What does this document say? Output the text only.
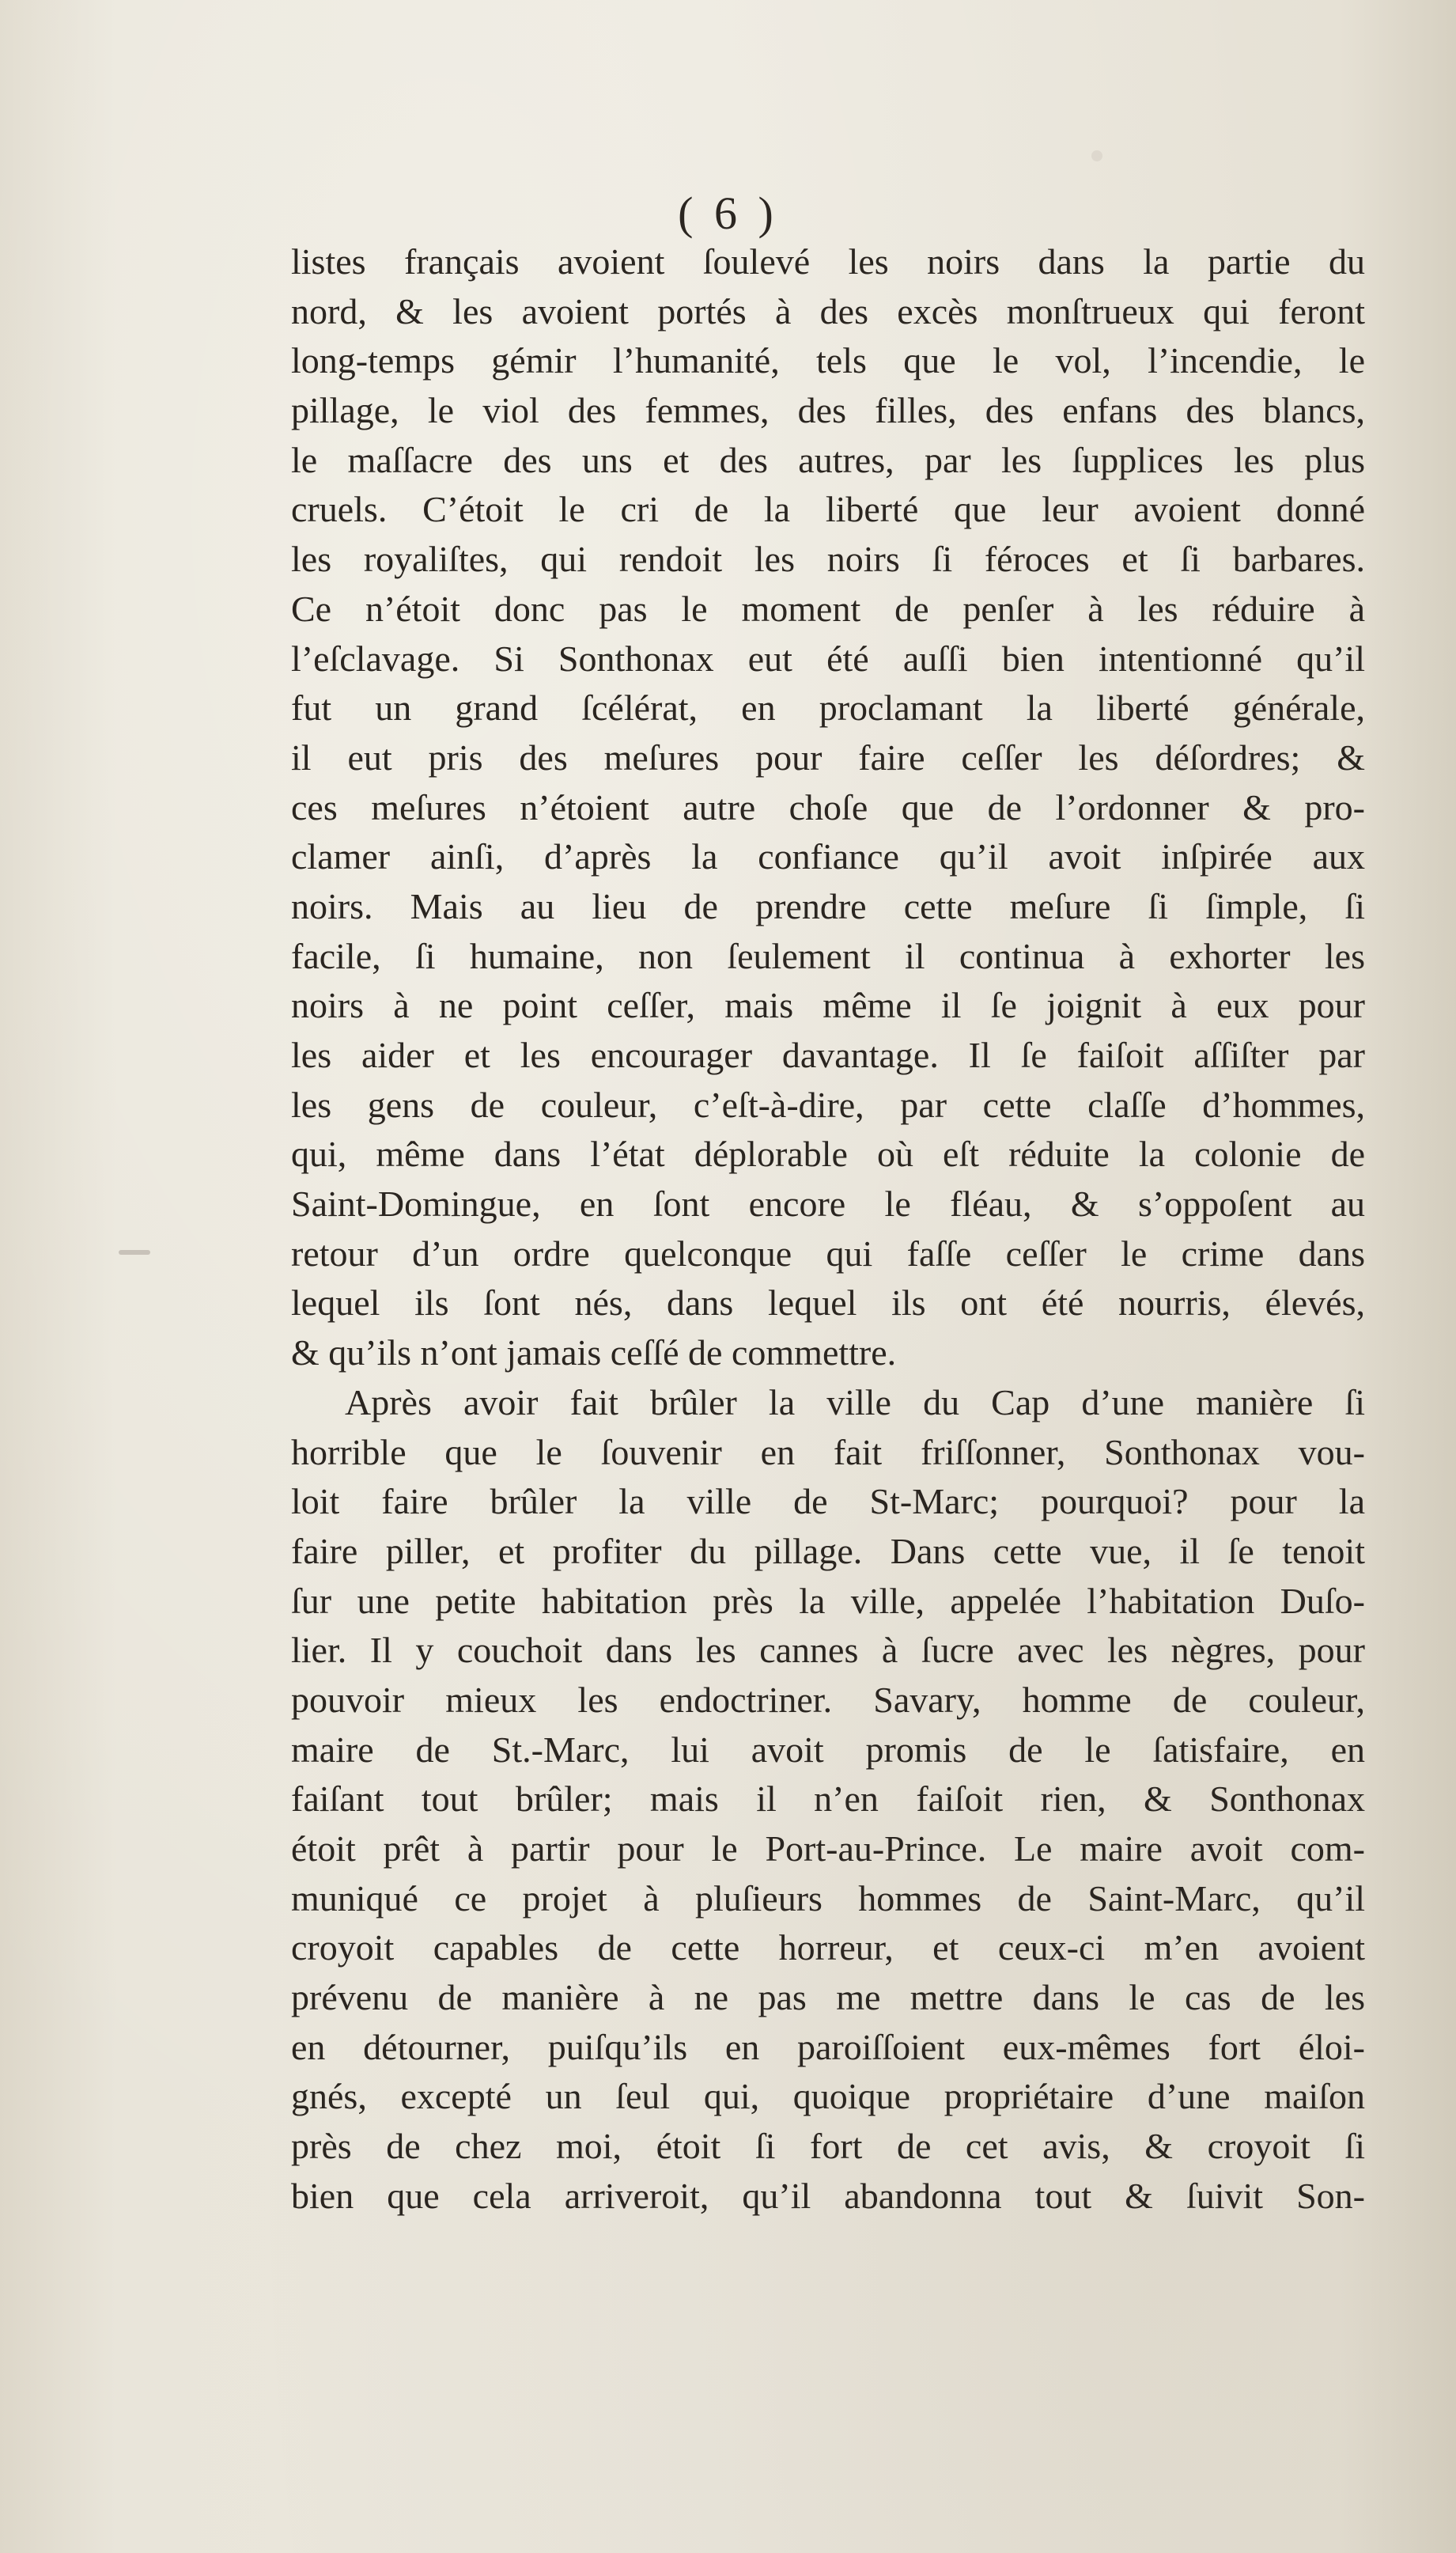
( 6 )
listes français avoient ſoulevé les noirs dans la partie du
nord, & les avoient portés à des excès monſtrueux qui feront
long-temps gémir l’humanité, tels que le vol, l’incendie, le
pillage, le viol des femmes, des filles, des enfans des blancs,
le maſſacre des uns et des autres, par les ſupplices les plus
cruels. C’étoit le cri de la liberté que leur avoient donné
les royaliſtes, qui rendoit les noirs ſi féroces et ſi barbares.
Ce n’étoit donc pas le moment de penſer à les réduire à
l’eſclavage. Si Sonthonax eut été auſſi bien intentionné qu’il
fut un grand ſcélérat, en proclamant la liberté générale,
il eut pris des meſures pour faire ceſſer les déſordres; &
ces meſures n’étoient autre choſe que de l’ordonner & pro-
clamer ainſi, d’après la confiance qu’il avoit inſpirée aux
noirs. Mais au lieu de prendre cette meſure ſi ſimple, ſi
facile, ſi humaine, non ſeulement il continua à exhorter les
noirs à ne point ceſſer, mais même il ſe joignit à eux pour
les aider et les encourager davantage. Il ſe faiſoit aſſiſter par
les gens de couleur, c’eſt-à-dire, par cette claſſe d’hommes,
qui, même dans l’état déplorable où eſt réduite la colonie de
Saint-Domingue, en ſont encore le fléau, & s’oppoſent au
retour d’un ordre quelconque qui faſſe ceſſer le crime dans
lequel ils ſont nés, dans lequel ils ont été nourris, élevés,
& qu’ils n’ont jamais ceſſé de commettre.
Après avoir fait brûler la ville du Cap d’une manière ſi
horrible que le ſouvenir en fait friſſonner, Sonthonax vou-
loit faire brûler la ville de St-Marc; pourquoi? pour la
faire piller, et profiter du pillage. Dans cette vue, il ſe tenoit
ſur une petite habitation près la ville, appelée l’habitation Duſo-
lier. Il y couchoit dans les cannes à ſucre avec les nègres, pour
pouvoir mieux les endoctriner. Savary, homme de couleur,
maire de St.-Marc, lui avoit promis de le ſatisfaire, en
faiſant tout brûler; mais il n’en faiſoit rien, & Sonthonax
étoit prêt à partir pour le Port-au-Prince. Le maire avoit com-
muniqué ce projet à pluſieurs hommes de Saint-Marc, qu’il
croyoit capables de cette horreur, et ceux-ci m’en avoient
prévenu de manière à ne pas me mettre dans le cas de les
en détourner, puiſqu’ils en paroiſſoient eux-mêmes fort éloi-
gnés, excepté un ſeul qui, quoique propriétaire d’une maiſon
près de chez moi, étoit ſi fort de cet avis, & croyoit ſi
bien que cela arriveroit, qu’il abandonna tout & ſuivit Son-
